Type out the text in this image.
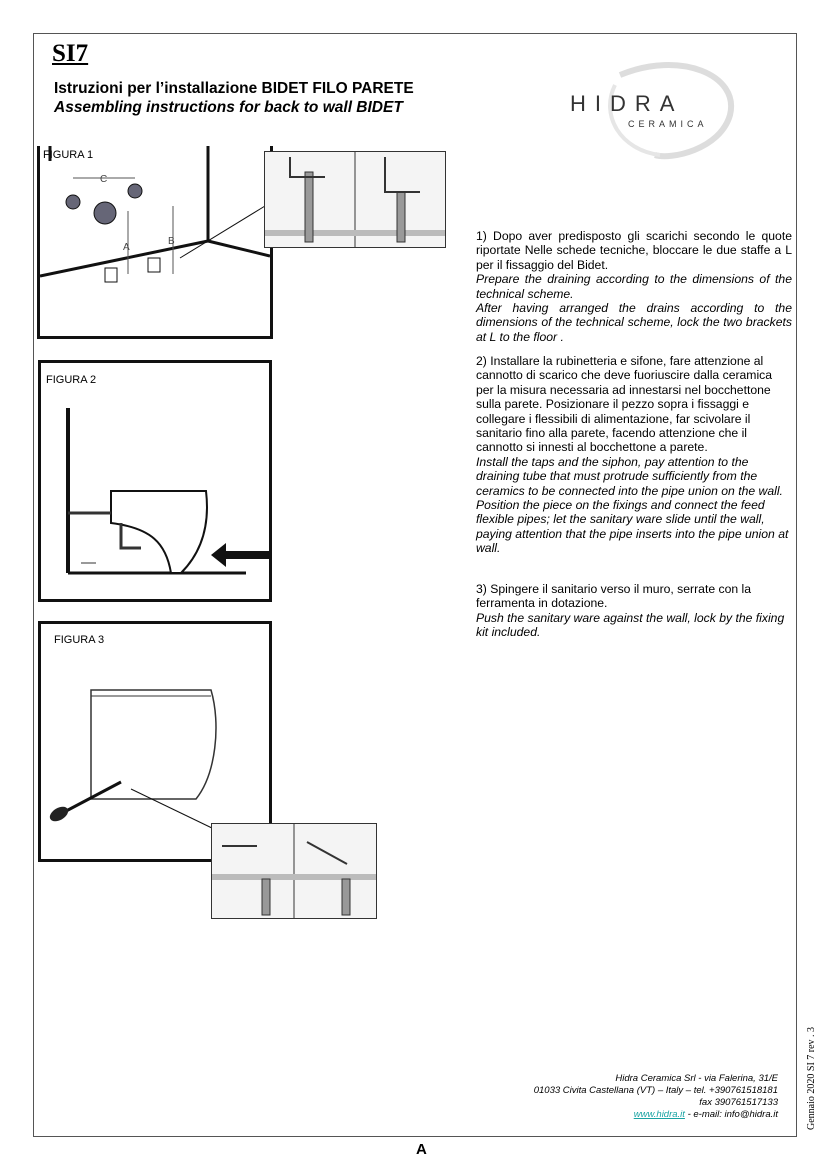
SI7
Istruzioni per l’installazione BIDET FILO PARETE
Assembling instructions for back to wall BIDET	HIDRA
CERAMICA
FIGURA 1
C
A
B
FIGURA 2
FIGURA 3
1) Dopo aver predisposto gli scarichi secondo le quote riportate Nelle schede tecniche, bloccare le due staffe a L per il fissaggio del Bidet.
Prepare the draining according to the dimensions of the technical scheme.
After having arranged the drains according to the dimensions of the technical scheme, lock the two brackets at L to the floor .
2) Installare la rubinetteria e sifone, fare attenzione al cannotto di scarico che deve fuoriuscire dalla ceramica per la misura necessaria ad innestarsi nel bocchettone sulla parete. Posizionare il pezzo sopra i fissaggi e collegare i flessibili di alimentazione, far scivolare il sanitario fino alla parete, facendo attenzione che il cannotto si innesti al bocchettone a parete.
Install the taps and the siphon, pay attention to the draining tube that must protrude sufficiently from the ceramics to be connected into the pipe union on the wall. Position the piece on the fixings and connect the feed flexible pipes; let the sanitary ware slide until the wall, paying attention that the pipe inserts into the pipe union at wall.
3) Spingere il sanitario verso il muro, serrate con la ferramenta in dotazione.
Push the sanitary ware against the wall, lock by the fixing kit included.
Hidra Ceramica Srl - via Falerina, 31/E
01033 Civita Castellana (VT) – Italy – tel. +390761518181
fax 390761517133
www.hidra.it - e-mail: info@hidra.it	Gennaio 2020 SI 7 rev . 3
A
